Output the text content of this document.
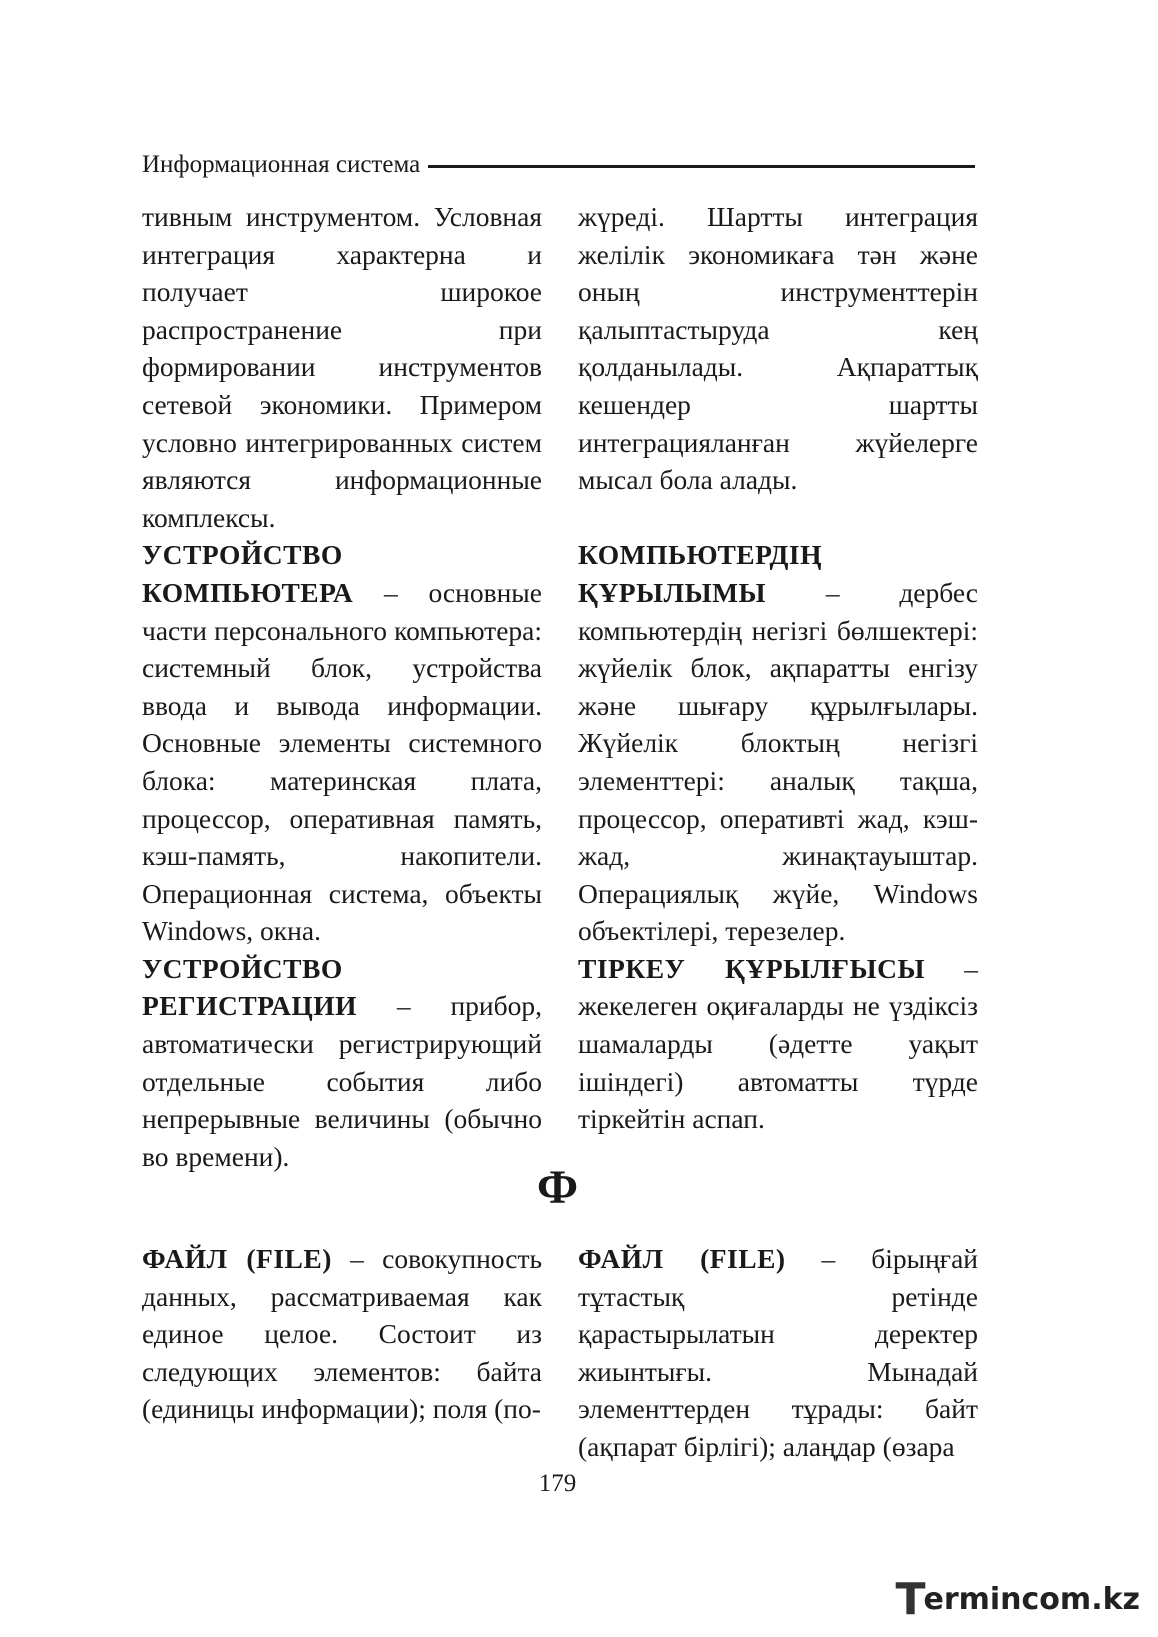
Информационная система

тивным инструментом. Условная интеграция характерна и получает широкое распространение при формировании инструментов сетевой экономики. Примером условно интегрированных систем являются информационные комплексы.

УСТРОЙСТВО КОМПЬЮТЕРА – основные части персонального компьютера: системный блок, устройства ввода и вывода информации. Основные элементы системного блока: материнская плата, процессор, оперативная память, кэш-память, накопители. Операционная система, объекты Windows, окна.

УСТРОЙСТВО РЕГИСТРАЦИИ – прибор, автоматически регистрирующий отдельные события либо непрерывные величины (обычно во времени).

жүреді. Шартты интеграция желілік экономикаға тән және оның инструменттерін қалыптастыруда кең қолданылады. Ақпараттық кешендер шартты интеграцияланған жүйелерге мысал бола алады.

КОМПЬЮТЕРДІҢ ҚҰРЫЛЫМЫ – дербес компьютердің негізгі бөлшектері: жүйелік блок, ақпаратты енгізу және шығару құрылғылары. Жүйелік блоктың негізгі элементтері: аналық тақша, процессор, оперативті жад, кэш-жад, жинақтауыштар. Операциялық жүйе, Windows объектілері, терезелер.

ТІРКЕУ ҚҰРЫЛҒЫСЫ – жекелеген оқиғаларды не үздіксіз шамаларды (әдетте уақыт ішіндегі) автоматты түрде тіркейтін аспап.

Ф

ФАЙЛ (FILE) – совокупность данных, рассматриваемая как единое целое. Состоит из следующих элементов: байта (единицы информации); поля (по-

ФАЙЛ (FILE) – бірыңғай тұтастық ретінде қарастырылатын деректер жиынтығы. Мынадай элементтерден тұрады: байт (ақпарат бірлігі); алаңдар (өзара

179
T
ermincom .kz
